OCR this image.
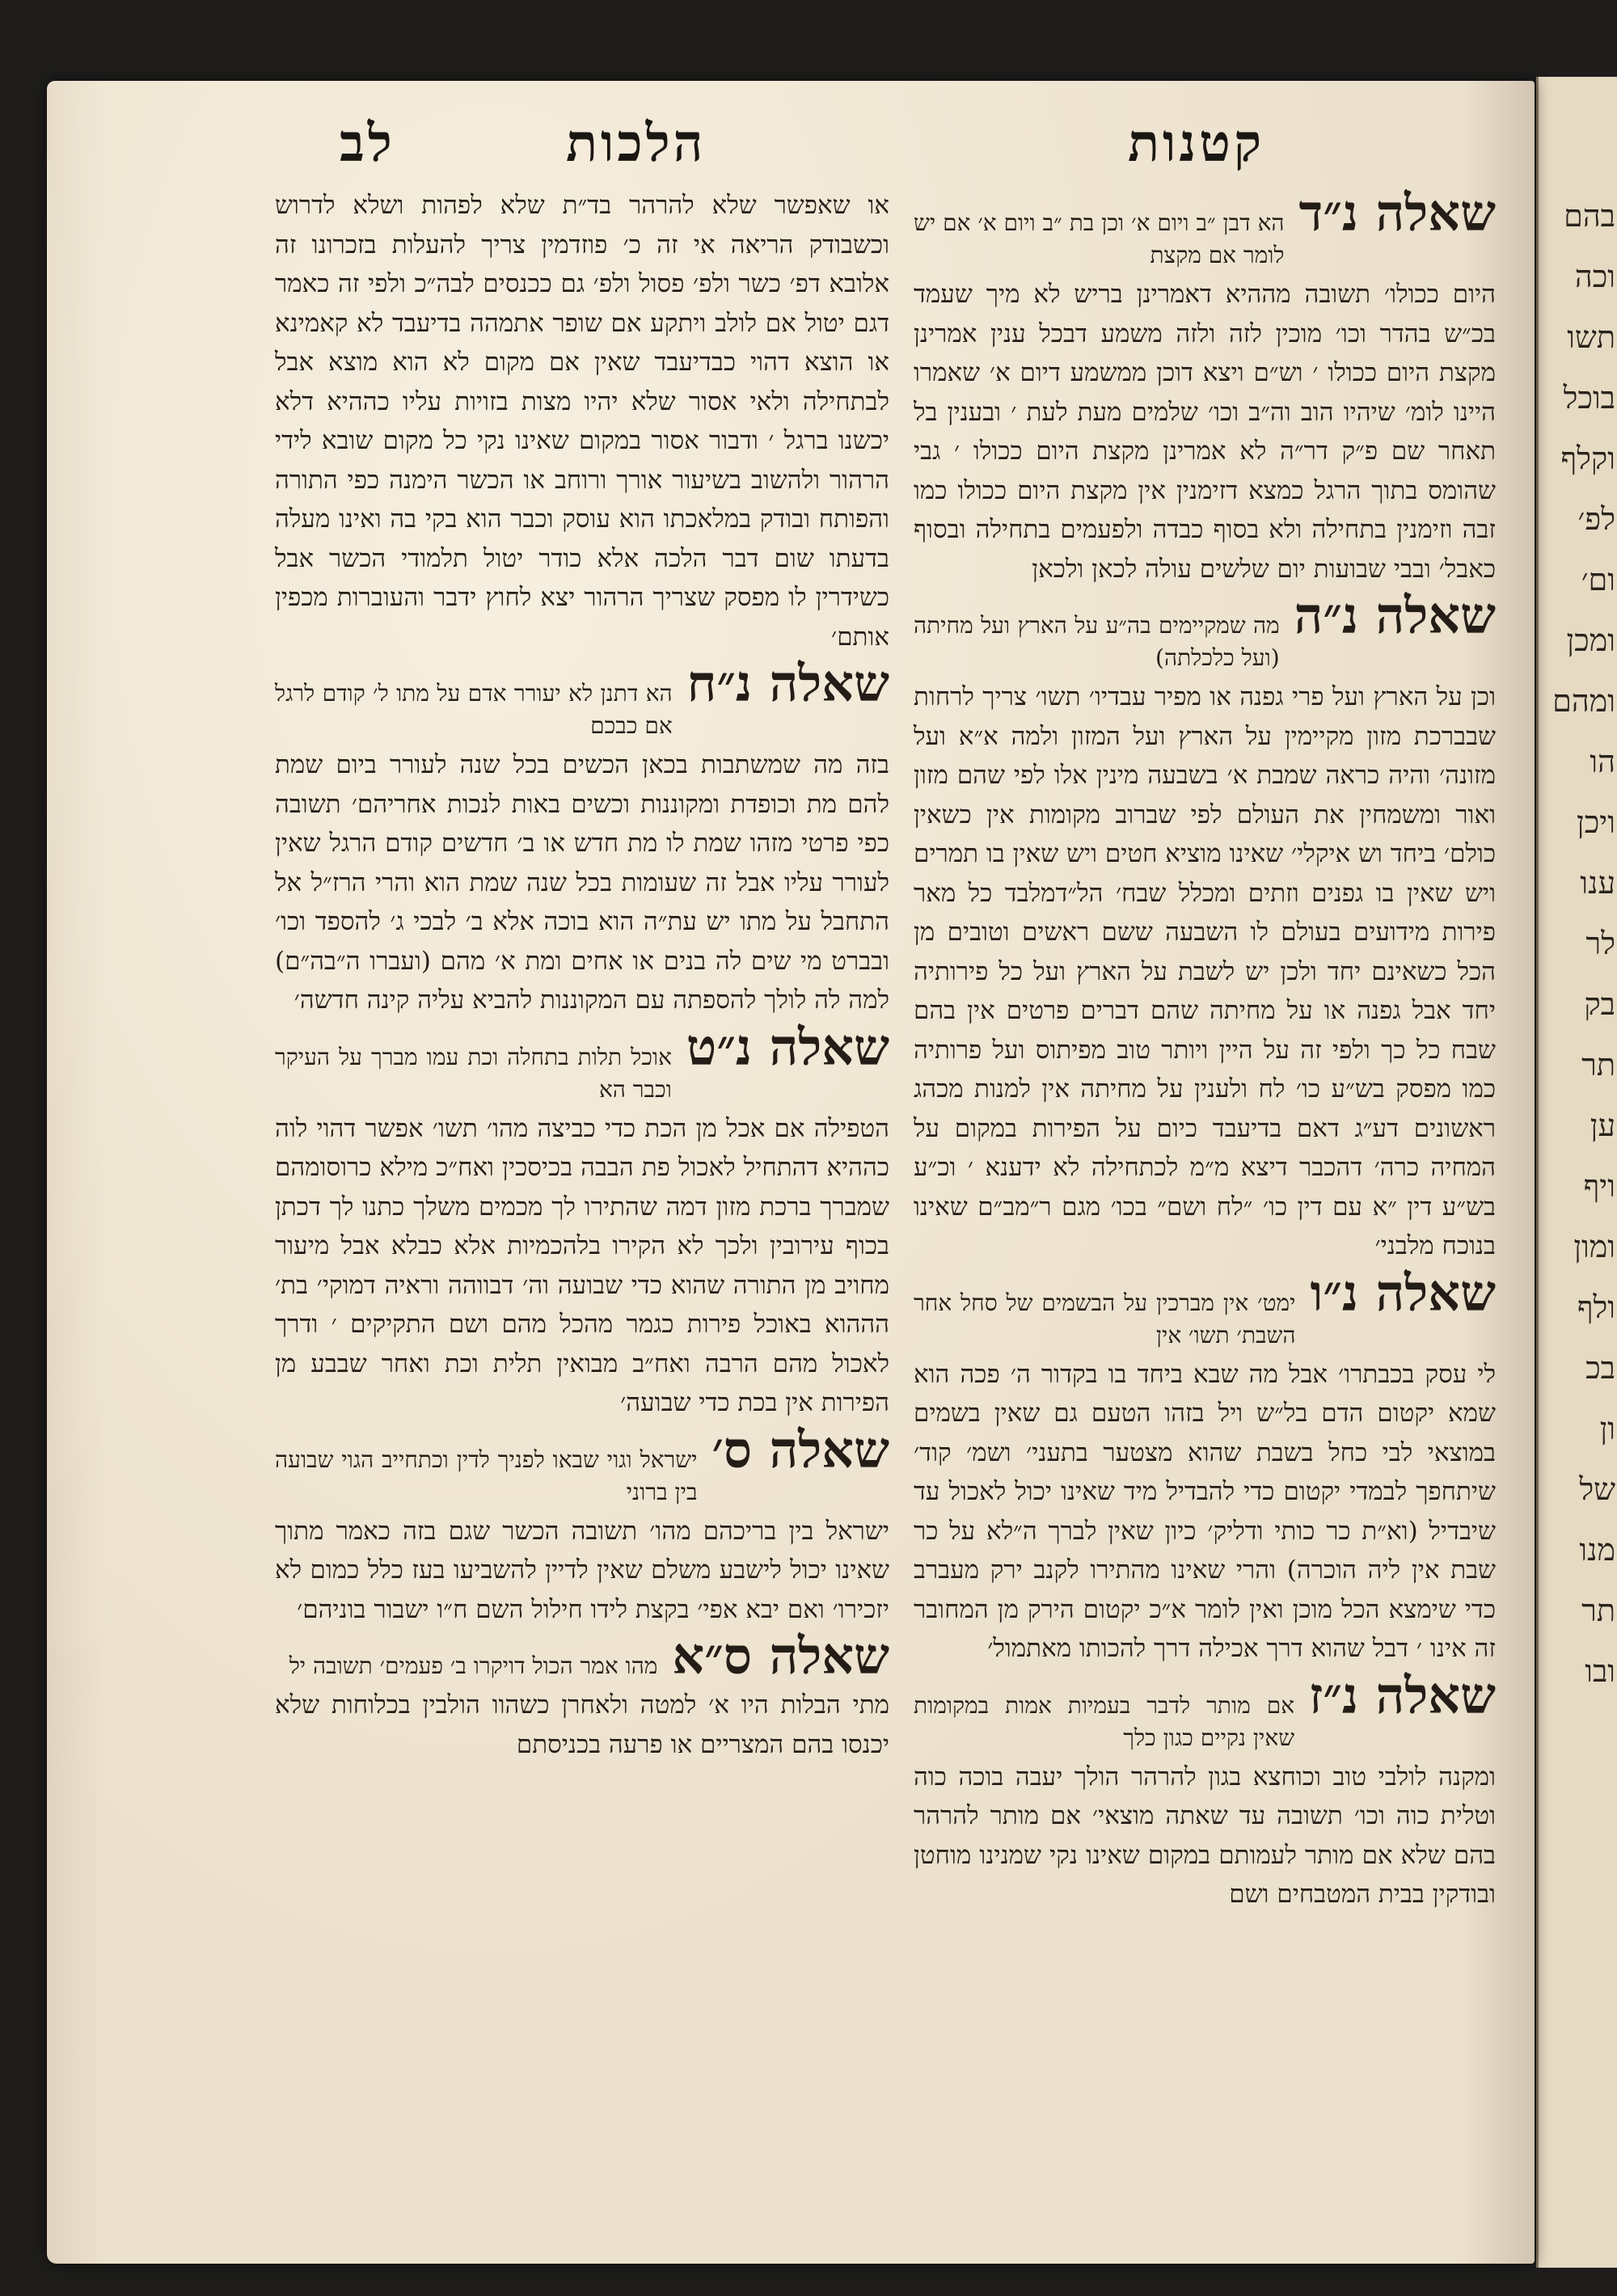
בהם
וכה
תשו
בוכל
וקלף
לפ׳
ום׳
ומכן
ומהם
הו
ויכן
ענו
לר
בק
תר
ען
ויף
ומון
ולף
בכ
ון
של
מנו
תר
ובו
קטנות
הלכות
לב
שאלה נ״ד
הא דבן ״ב ויום א׳ וכן בת ״ב ויום א׳ אם יש לומר אם מקצת

היום ככולו׳ תשובה מההיא דאמרינן בריש לא מיך שעמד בכ״ש בהדר וכו׳ מוכין לזה ולזה משמע דבכל ענין אמרינן מקצת היום ככולו ׳ וש״ם ויצא דוכן ממשמע דיום א׳ שאמרו היינו לומ׳ שיהיו הוב וה״ב וכו׳ שלמים מעת לעת ׳ ובענין בל תאחר שם פ״ק דר״ה לא אמרינן מקצת היום ככולו ׳ גבי שהומס בתוך הרגל כמצא דזימנין אין מקצת היום ככולו כמו זבה וזימנין בתחילה ולא בסוף כבדה ולפעמים בתחילה ובסוף כאבל׳ ובבי שבועות יום שלשים עולה לכאן ולכאן

שאלה נ״ה
מה שמקיימים בה״ע על הארץ ועל מחיתה (ועל כלכלתה)

וכן על הארץ ועל פרי גפנה או מפיר עבדיו׳ תשו׳ צריך לרחות שבברכת מזון מקיימין על הארץ ועל המזון ולמה א״א ועל מזונה׳ והיה כראה שמבת א׳ בשבעה מינין אלו לפי שהם מזון ואור ומשמחין את העולם לפי שברוב מקומות אין כשאין כולם׳ ביחד וש איקלי׳ שאינו מוציא חטים ויש שאין בו תמרים ויש שאין בו גפנים וזתים ומכלל שבח׳ הל״דמלבד כל מאר פירות מידועים בעולם לו השבעה ששם ראשים וטובים מן הכל כשאינם יחד ולכן יש לשבת על הארץ ועל כל פירותיה יחד אבל גפנה או על מחיתה שהם דברים פרטים אין בהם שבח כל כך ולפי זה על היין ויותר טוב מפיתוס ועל פרותיה כמו מפסק בש״ע כו׳ לח ולענין על מחיתה אין למנות מכהג ראשונים דע״ג דאם בדיעבד כיום על הפירות במקום על המחיה כרה׳ דהכבר דיצא מ״מ לכתחילה לא ידענא ׳ וכ״ע בש״ע דין ״א עם דין כו׳ ״לח ושם״ בכו׳ מגם ר״מב״ם שאינו בנוכח מלבני׳

שאלה נ״ו
ימט׳ אין מברכין על הבשמים של סחל אחר השבת׳ תשו׳ אין

לי עסק בכבתרו׳ אבל מה שבא ביחד בו בקדור ה׳ פכה הוא שמא יקטום הדם בל״ש ויל בזהו הטעם גם שאין בשמים במוצאי לבי כחל בשבת שהוא מצטער בתעני׳ ושמ׳ קוד׳ שיתחפך לבמדי יקטום כדי להבדיל מיד שאינו יכול לאכול עד שיבדיל (וא״ת כר כותי ודליק׳ כיון שאין לברך ה״לא על כר שבת אין ליה הוכרה) והרי שאינו מהתירו לקנב ירק מעברב כדי שימצא הכל מוכן ואין לומר א״כ יקטום הירק מן המחובר זה אינו ׳ דבל שהוא דרך אכילה דרך להכותו מאתמול׳

שאלה נ״ז
אם מותר לדבר בעמיות אמות במקומות שאין נקיים כגון כלך

ומקנה לולבי טוב וכוחצא בגון להרהר הולך יעבה בוכה כוה וטלית כוה וכו׳ תשובה עד שאתה מוצאי׳ אם מותר להרהר בהם שלא אם מותר לעמותם במקום שאינו נקי שמנינו מוחטן ובודקין בבית המטבחים ושם

או שאפשר שלא להרהר בד״ת שלא לפהות ושלא לדרוש וכשבודק הריאה אי זה כ׳ פוזדמין צריך להעלות בזכרונו זה אלובא דפ׳ כשר ולפ׳ פסול ולפ׳ גם ככנסים לבה״כ ולפי זה כאמר דגם יטול אם לולב ויתקע אם שופר אתמהה בדיעבד לא קאמינא או הוצא דהוי כבדיעבד שאין אם מקום לא הוא מוצא אבל לבתחילה ולאי אסור שלא יהיו מצות בזויות עליו כההיא דלא יכשנו ברגל ׳ ודבור אסור במקום שאינו נקי כל מקום שובא לידי הרהור ולהשוב בשיעור אורך ורוחב או הכשר הימנה כפי התורה והפותח ובודק במלאכתו הוא עוסק וכבר הוא בקי בה ואינו מעלה בדעתו שום דבר הלכה אלא כודר יטול תלמודי הכשר אבל כשידרין לו מפסק שצריך הרהור יצא לחוץ ידבר והעוברות מכפין אותם׳

שאלה נ״ח
הא דתנן לא יעורר אדם על מתו ל׳ קודם לרגל אם כבכם

בזה מה שמשתבות בכאן הכשים בכל שנה לעורר ביום שמת להם מת וכופדת ומקוננות וכשים באות לנכות אחריהם׳ תשובה כפי פרטי מזהו שמת לו מת חדש או ב׳ חדשים קודם הרגל שאין לעורר עליו אבל זה שעומות בכל שנה שמת הוא והרי הרז״ל אל התחבל על מתו יש עת״ה הוא בוכה אלא ב׳ לבכי ג׳ להספד וכו׳ ובברט מי שים לה בנים או אחים ומת א׳ מהם (ועברו ה״בה״ם) למה לה לולך להספתה עם המקוננות להביא עליה קינה חדשה׳

שאלה נ״ט
אוכל תלות בתחלה וכת עמו מברך על העיקר וכבר הא

הטפילה אם אכל מן הכת כדי כביצה מהו׳ תשו׳ אפשר דהוי לוה כההיא דהתחיל לאכול פת הבבה בכיסכין ואח״כ מילא כרוסומהם שמברך ברכת מזון דמה שהתירו לך מכמים משלך כתנו לך דכתן בכוף עירובין ולכך לא הקירו בלהכמיות אלא כבלא אבל מיעור מחויב מן התורה שהוא כדי שבועה וה׳ דבווהה וראיה דמוקי׳ בת׳ הההוא באוכל פירות כגמר מהכל מהם ושם התקיקים ׳ ודרך לאכול מהם הרבה ואח״ב מבואין תלית וכת ואחר שבבע מן הפירות אין בכת כדי שבועה׳

שאלה ס׳
ישראל וגוי שבאו לפניך לדין וכתחייב הגוי שבועה בין ברוני

ישראל בין בריכהם מהו׳ תשובה הכשר שגם בזה כאמר מתוך שאינו יכול לישבע משלם שאין לדיין להשביעו בעז כלל כמום לא יזכירו׳ ואם יבא אפי׳ בקצת לידו חילול השם ח״ו ישבור בוניהם׳

שאלה ס״א
מהו אמר הכול דויקרו ב׳ פעמים׳ תשובה יל

מתי הבלות היו א׳ למטה ולאחרן כשהוו הולבין בכלוחות שלא יכנסו בהם המצריים או פרעה בכניסתם
